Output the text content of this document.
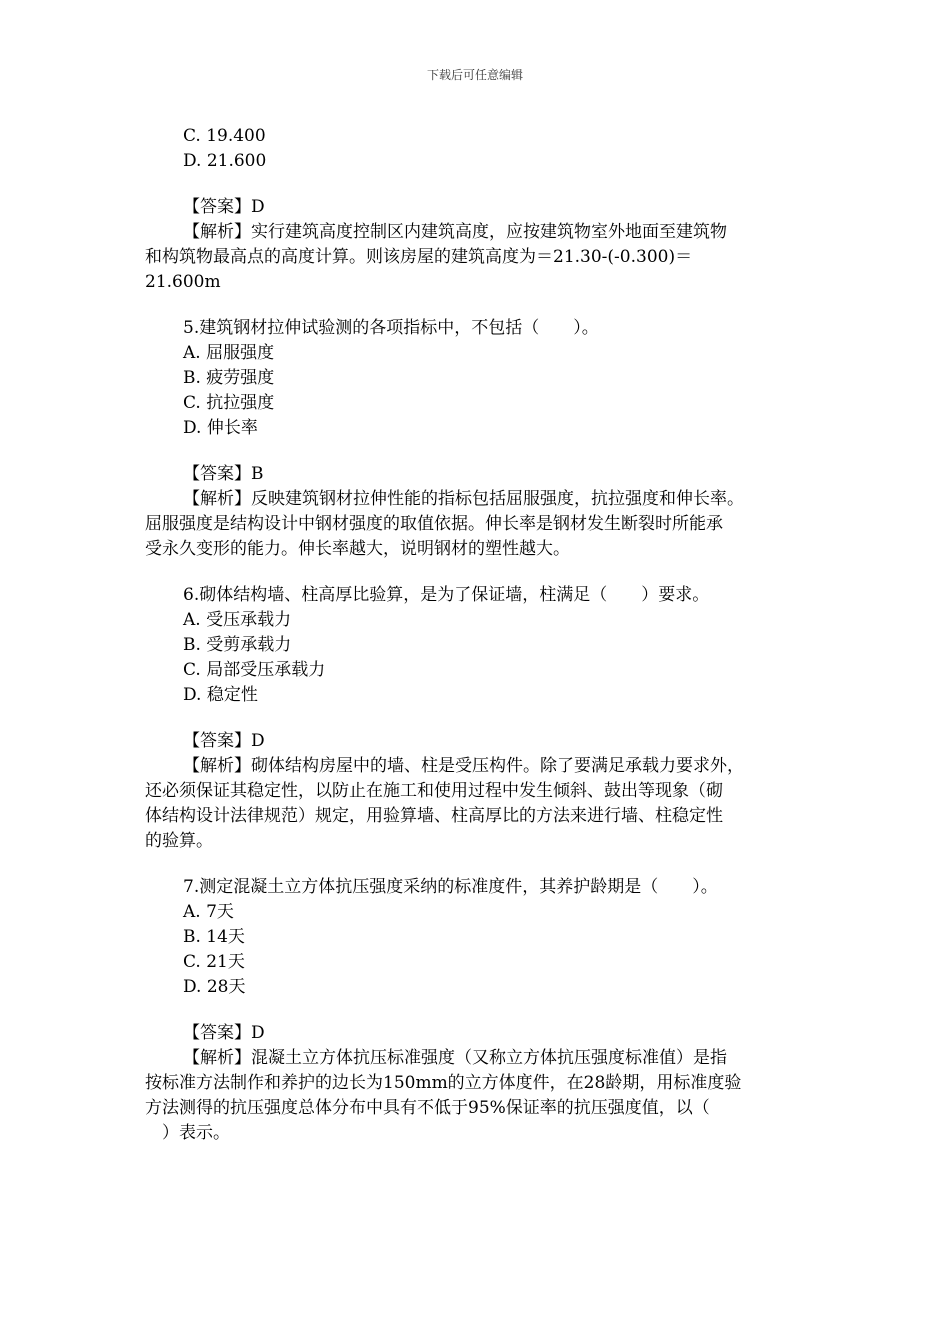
下载后可任意编辑
C. 19.400
D. 21.600
【答案】D
【解析】实行建筑高度控制区内建筑高度，应按建筑物室外地面至建筑物
和构筑物最高点的高度计算。则该房屋的建筑高度为＝21.30-(-0.300)＝
21.600m
5.建筑钢材拉伸试验测的各项指标中，不包括（　　）。
A. 屈服强度
B. 疲劳强度
C. 抗拉强度
D. 伸长率
【答案】B
【解析】反映建筑钢材拉伸性能的指标包括屈服强度，抗拉强度和伸长率。
屈服强度是结构设计中钢材强度的取值依据。伸长率是钢材发生断裂时所能承
受永久变形的能力。伸长率越大，说明钢材的塑性越大。
6.砌体结构墙、柱高厚比验算，是为了保证墙，柱满足（　　）要求。
A. 受压承载力
B. 受剪承载力
C. 局部受压承载力
D. 稳定性
【答案】D
【解析】砌体结构房屋中的墙、柱是受压构件。除了要满足承载力要求外，
还必须保证其稳定性，以防止在施工和使用过程中发生倾斜、鼓出等现象（砌
体结构设计法律规范）规定，用验算墙、柱高厚比的方法来进行墙、柱稳定性
的验算。
7.测定混凝土立方体抗压强度采纳的标准度件，其养护龄期是（　　）。
A. 7天
B. 14天
C. 21天
D. 28天
【答案】D
【解析】混凝土立方体抗压标准强度（又称立方体抗压强度标准值）是指
按标准方法制作和养护的边长为150mm的立方体度件，在28龄期，用标准度验
方法测得的抗压强度总体分布中具有不低于95%保证率的抗压强度值，以（
　）表示。
